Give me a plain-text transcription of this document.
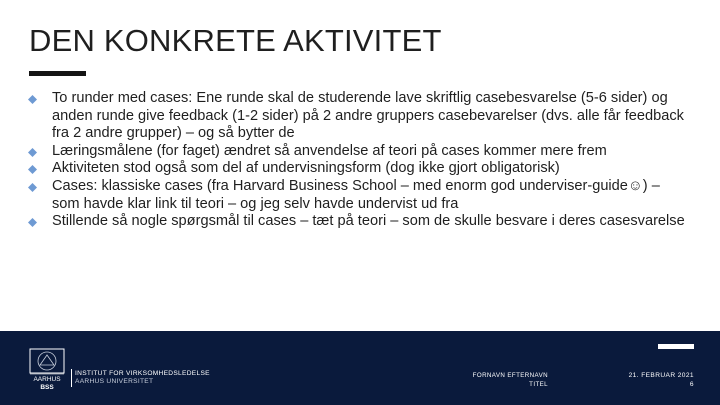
DEN KONKRETE AKTIVITET
To runder med cases: Ene runde skal de studerende lave skriftlig casebesvarelse (5-6 sider) og anden runde give feedback (1-2 sider) på 2 andre gruppers casebevarelser (dvs. alle får feedback fra 2 andre grupper) – og så bytter de
Læringsmålene (for faget) ændret så anvendelse af teori på cases kommer mere frem
Aktiviteten stod også som del af undervisningsform (dog ikke gjort obligatorisk)
Cases: klassiske cases (fra Harvard Business School – med enorm god underviser-guide☺) – som havde klar link til teori – og jeg selv havde undervist ud fra
Stillende så nogle spørgsmål til cases – tæt på teori – som de skulle besvare i deres casesvarelse
AARHUS
BSS
INSTITUT FOR VIRKSOMHEDSLEDELSE
AARHUS UNIVERSITET
FORNAVN EFTERNAVN
TITEL
21. FEBRUAR 2021
6
